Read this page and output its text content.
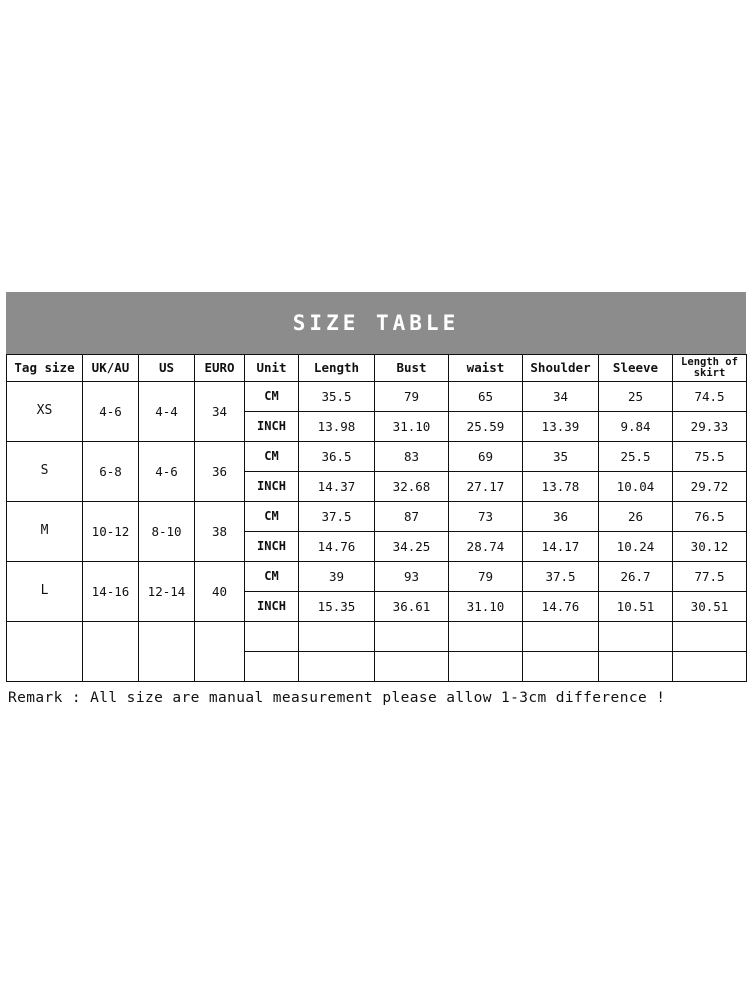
SIZE TABLE
Tag size	UK/AU	US	EURO	Unit	Length	Bust	waist	Shoulder	Sleeve	Length of skirt
XS	4-6	4-4	34	CM	35.5	79	65	34	25	74.5
				INCH	13.98	31.10	25.59	13.39	9.84	29.33
S	6-8	4-6	36	CM	36.5	83	69	35	25.5	75.5
				INCH	14.37	32.68	27.17	13.78	10.04	29.72
M	10-12	8-10	38	CM	37.5	87	73	36	26	76.5
				INCH	14.76	34.25	28.74	14.17	10.24	30.12
L	14-16	12-14	40	CM	39	93	79	37.5	26.7	77.5
				INCH	15.35	36.61	31.10	14.76	10.51	30.51

Remark : All size are manual measurement please allow 1-3cm difference !
